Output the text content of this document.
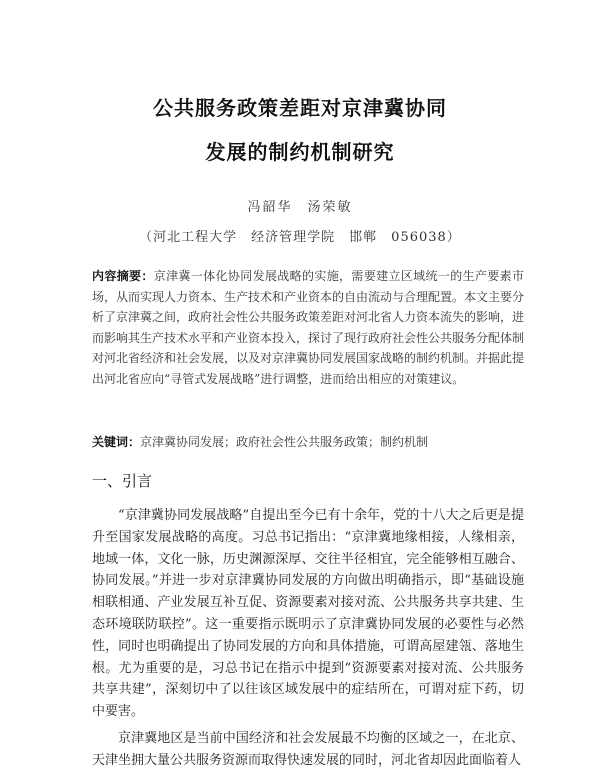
公共服务政策差距对京津冀协同
发展的制约机制研究
冯韶华　汤荣敏
（河北工程大学　经济管理学院　邯郸　056038）
内容摘要：京津冀一体化协同发展战略的实施，需要建立区域统一的生产要素市场，从而实现人力资本、生产技术和产业资本的自由流动与合理配置。本文主要分析了京津冀之间，政府社会性公共服务政策差距对河北省人力资本流失的影响，进而影响其生产技术水平和产业资本投入，探讨了现行政府社会性公共服务分配体制对河北省经济和社会发展，以及对京津冀协同发展国家战略的制约机制。并据此提出河北省应向“寻管式发展战略”进行调整，进而给出相应的对策建议。
关键词：京津冀协同发展；政府社会性公共服务政策；制约机制
一、引言
“京津冀协同发展战略”自提出至今已有十余年，党的十八大之后更是提升至国家发展战略的高度。习总书记指出：“京津冀地缘相接，人缘相亲，地域一体，文化一脉，历史渊源深厚、交往半径相宜，完全能够相互融合、协同发展。”并进一步对京津冀协同发展的方向做出明确指示，即“基础设施相联相通、产业发展互补互促、资源要素对接对流、公共服务共享共建、生态环境联防联控”。这一重要指示既明示了京津冀协同发展的必要性与必然性，同时也明确提出了协同发展的方向和具体措施，可谓高屋建瓴、落地生根。尤为重要的是，习总书记在指示中提到“资源要素对接对流、公共服务共享共建”，深刻切中了以往该区域发展中的症结所在，可谓对症下药，切中要害。
京津冀地区是当前中国经济和社会发展最不均衡的区域之一，在北京、天津坐拥大量公共服务资源而取得快速发展的同时，河北省却因此面临着人
